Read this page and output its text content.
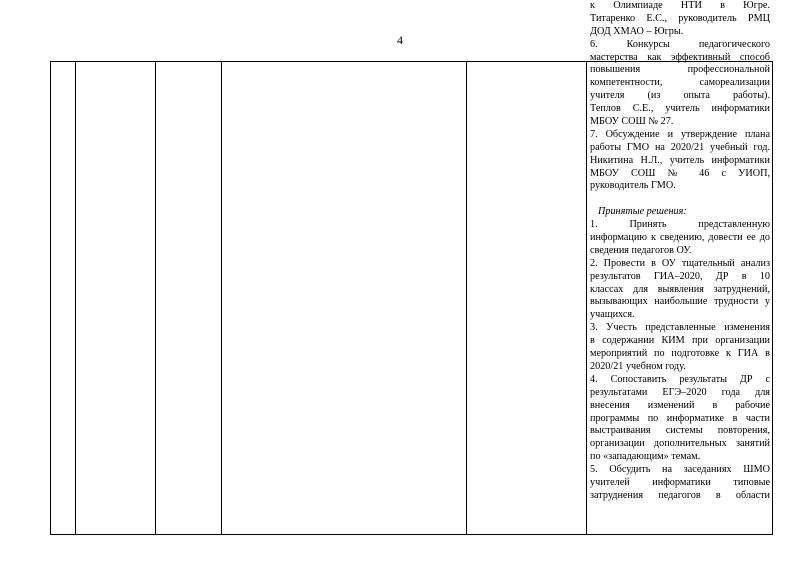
4
к Олимпиаде НТИ в Югре.
Титаренко Е.С., руководитель РМЦ
ДОД ХМАО – Югры.
6. Конкурсы педагогического
мастерства как эффективный способ
повышения профессиональной
компетентности, самореализации
учителя (из опыта работы).
Теплов С.Е., учитель информатики
МБОУ СОШ № 27.
7. Обсуждение и утверждение плана
работы ГМО на 2020/21 учебный год.
Никитина Н.Л., учитель информатики
МБОУ СОШ № 46 с УИОП,
руководитель ГМО.
Принятые решения:
1. Принять представленную
информацию к сведению, довести ее до
сведения педагогов ОУ.
2. Провести в ОУ тщательный анализ
результатов ГИА–2020, ДР в 10
классах для выявления затруднений,
вызывающих наибольшие трудности у
учащихся.
3. Учесть представленные изменения
в содержании КИМ при организации
мероприятий по подготовке к ГИА в
2020/21 учебном году.
4. Сопоставить результаты ДР с
результатами ЕГЭ–2020 года для
внесения изменений в рабочие
программы по информатике в части
выстраивания системы повторения,
организации дополнительных занятий
по «западающим» темам.
5. Обсудить на заседаниях ШМО
учителей информатики типовые
затруднения педагогов в области
